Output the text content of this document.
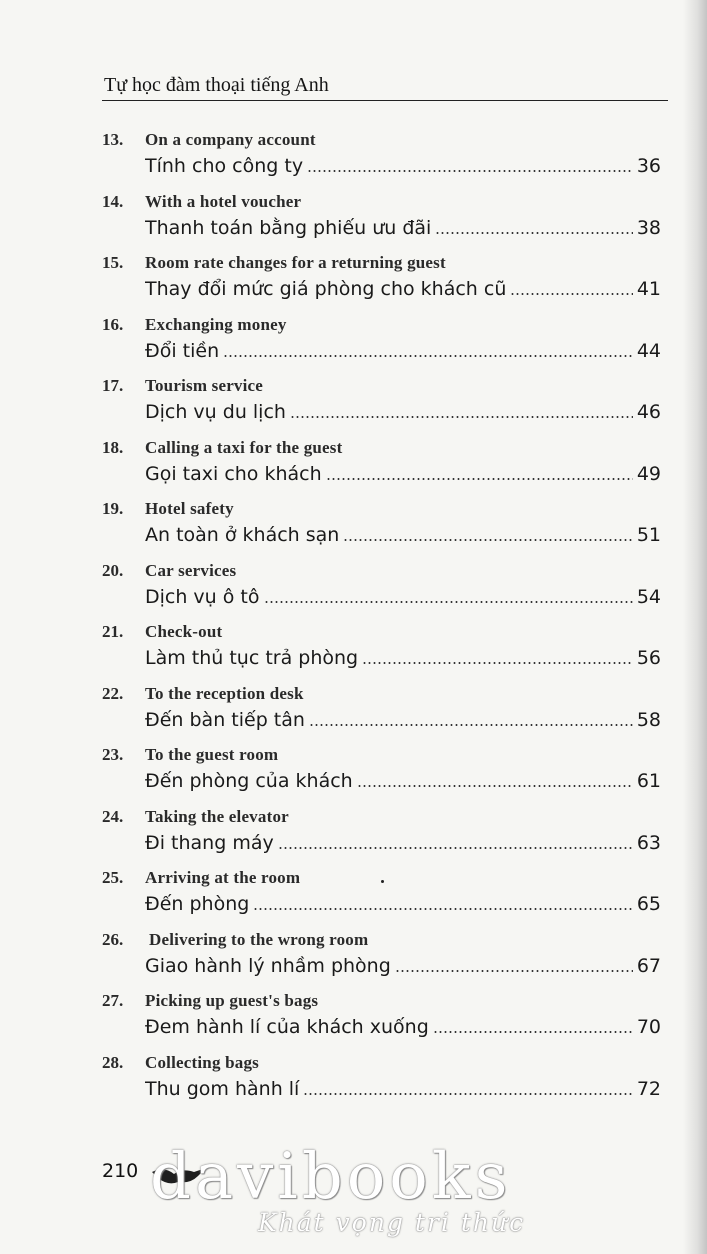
Tự học đàm thoại tiếng Anh
13.	On a company account
Tính cho công ty	36
14.	With a hotel voucher
Thanh toán bằng phiếu ưu đãi	38
15.	Room rate changes for a returning guest
Thay đổi mức giá phòng cho khách cũ	41
16.	Exchanging money
Đổi tiền	44
17.	Tourism service
Dịch vụ du lịch	46
18.	Calling a taxi for the guest
Gọi taxi cho khách	49
19.	Hotel safety
An toàn ở khách sạn	51
20.	Car services
Dịch vụ ô tô	54
21.	Check-out
Làm thủ tục trả phòng	56
22.	To the reception desk
Đến bàn tiếp tân	58
23.	To the guest room
Đến phòng của khách	61
24.	Taking the elevator
Đi thang máy	63
25.	Arriving at the room
Đến phòng	65
26.	Delivering to the wrong room
Giao hành lý nhầm phòng	67
27.	Picking up guest's bags
Đem hành lí của khách xuống	70
28.	Collecting bags
Thu gom hành lí	72
210 davibooks
Khát vọng tri thức
